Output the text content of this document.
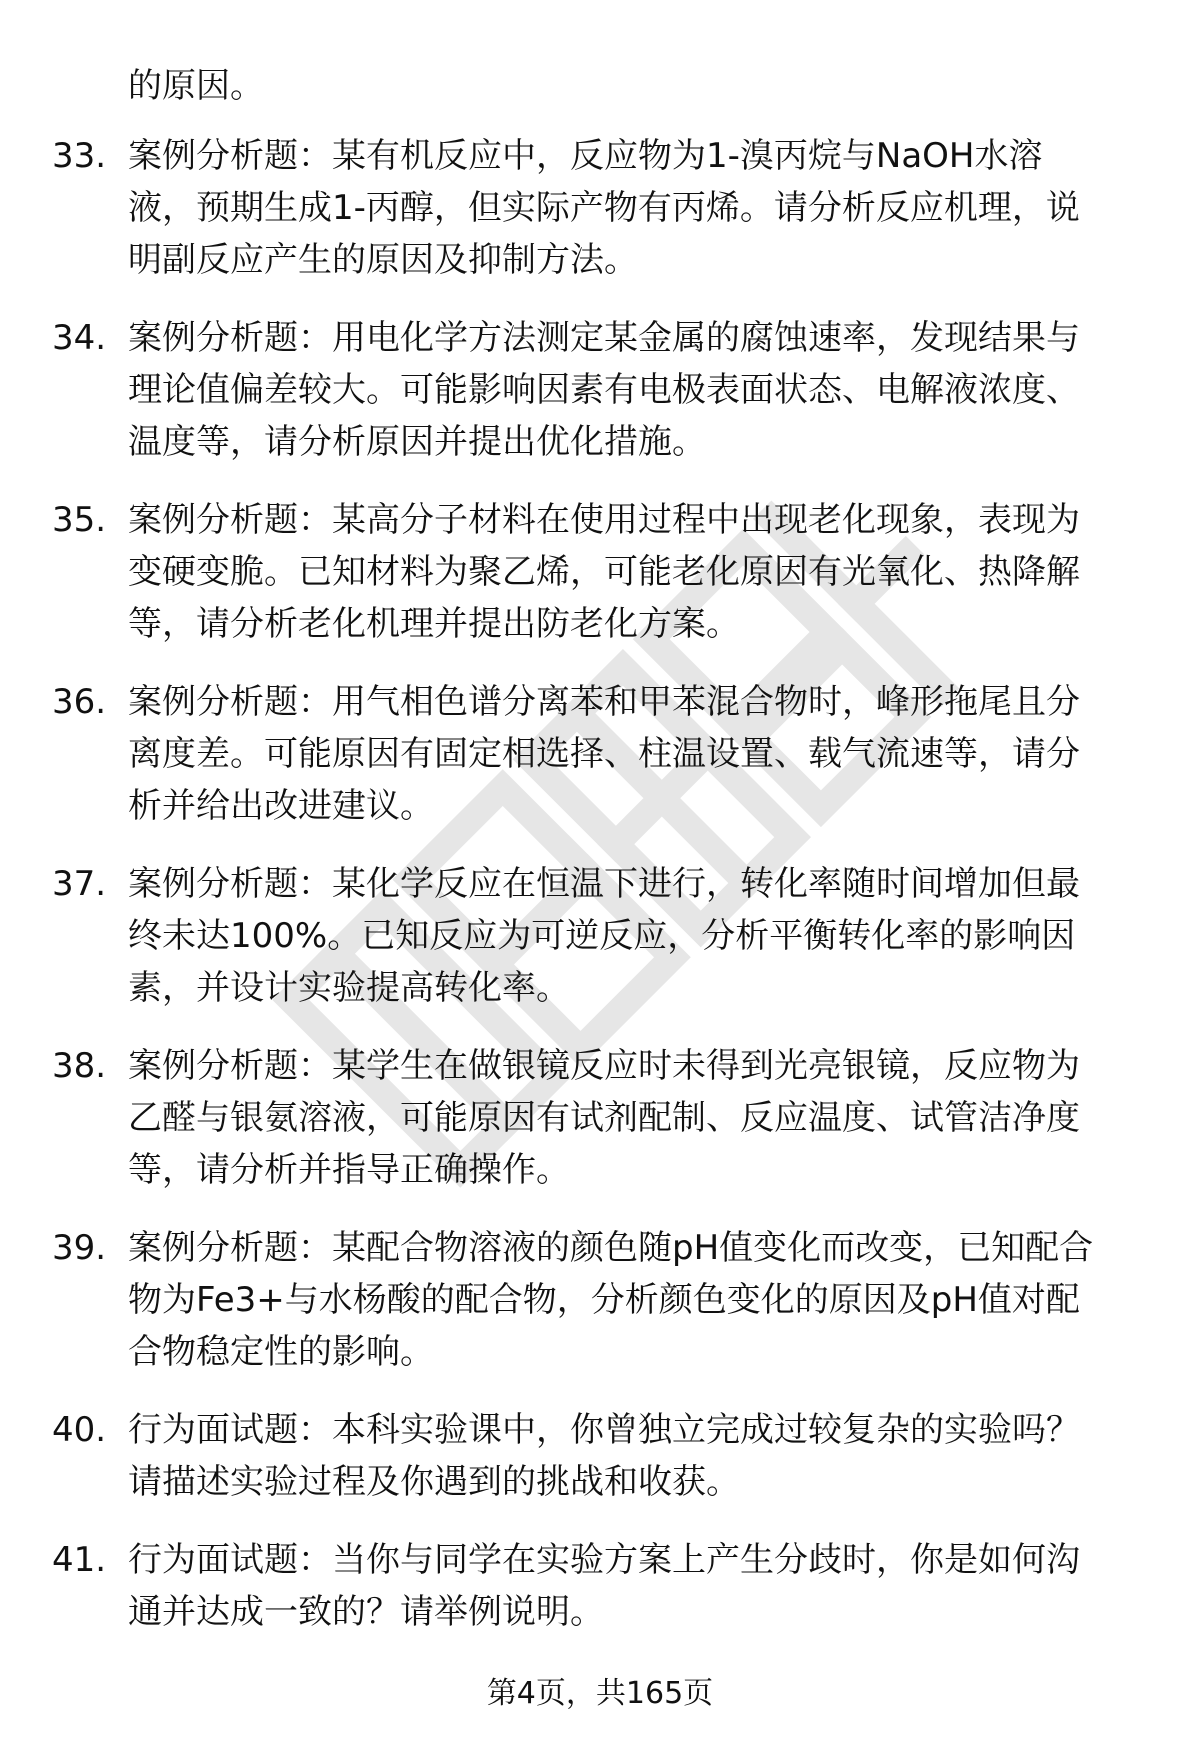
的原因。
33. 案例分析题：某有机反应中，反应物为1-溴丙烷与NaOH水溶
液，预期生成1-丙醇，但实际产物有丙烯。请分析反应机理，说
明副反应产生的原因及抑制方法。
34. 案例分析题：用电化学方法测定某金属的腐蚀速率，发现结果与
理论值偏差较大。可能影响因素有电极表面状态、电解液浓度、
温度等，请分析原因并提出优化措施。
35. 案例分析题：某高分子材料在使用过程中出现老化现象，表现为
变硬变脆。已知材料为聚乙烯，可能老化原因有光氧化、热降解
等，请分析老化机理并提出防老化方案。
36. 案例分析题：用气相色谱分离苯和甲苯混合物时，峰形拖尾且分
离度差。可能原因有固定相选择、柱温设置、载气流速等，请分
析并给出改进建议。
37. 案例分析题：某化学反应在恒温下进行，转化率随时间增加但最
终未达100%。已知反应为可逆反应，分析平衡转化率的影响因
素，并设计实验提高转化率。
38. 案例分析题：某学生在做银镜反应时未得到光亮银镜，反应物为
乙醛与银氨溶液，可能原因有试剂配制、反应温度、试管洁净度
等，请分析并指导正确操作。
39. 案例分析题：某配合物溶液的颜色随pH值变化而改变，已知配合
物为Fe3+与水杨酸的配合物，分析颜色变化的原因及pH值对配
合物稳定性的影响。
40. 行为面试题：本科实验课中，你曾独立完成过较复杂的实验吗？
请描述实验过程及你遇到的挑战和收获。
41. 行为面试题：当你与同学在实验方案上产生分歧时，你是如何沟
通并达成一致的？请举例说明。
第4页，共165页
